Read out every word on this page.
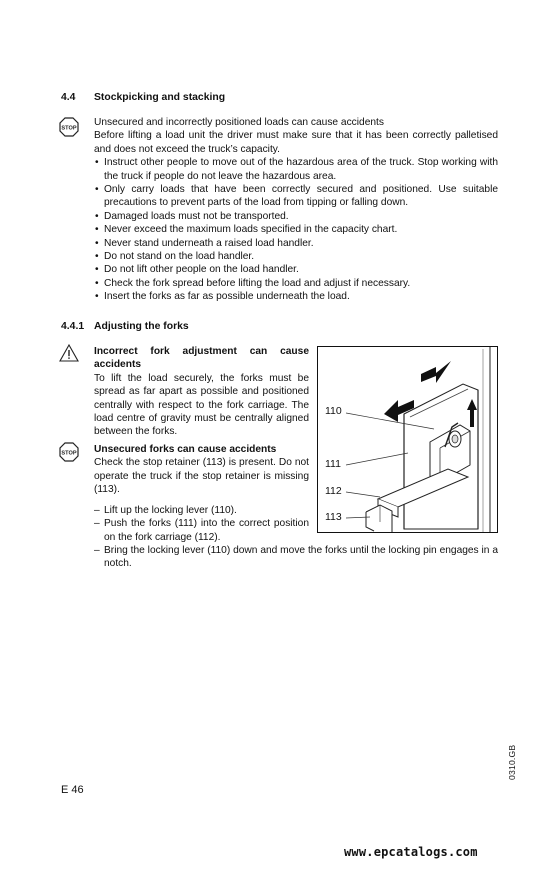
4.4 Stockpicking and stacking
STOP
Unsecured and incorrectly positioned loads can cause accidents
Before lifting a load unit the driver must make sure that it has been correctly palletised and does not exceed the truck’s capacity.
• Instruct other people to move out of the hazardous area of the truck. Stop working with the truck if people do not leave the hazardous area.
• Only carry loads that have been correctly secured and positioned. Use suitable precautions to prevent parts of the load from tipping or falling down.
• Damaged loads must not be transported.
• Never exceed the maximum loads specified in the capacity chart.
• Never stand underneath a raised load handler.
• Do not stand on the load handler.
• Do not lift other people on the load handler.
• Check the fork spread before lifting the load and adjust if necessary.
• Insert the forks as far as possible underneath the load.
4.4.1 Adjusting the forks
Incorrect fork adjustment can cause accidents
To lift the load securely, the forks must be spread as far apart as possible and positioned centrally with respect to the fork carriage. The load centre of gravity must be centrally aligned between the forks.
STOP Unsecured forks can cause accidents
Check the stop retainer (113) is present. Do not operate the truck if the stop retainer is missing (113).
– Lift up the locking lever (110).
– Push the forks (111) into the correct position on the fork carriage (112).
– Bring the locking lever (110) down and move the forks until the locking pin engages in a notch.
110
111
112
113
0310.GB
E 46
www.epcatalogs.com
